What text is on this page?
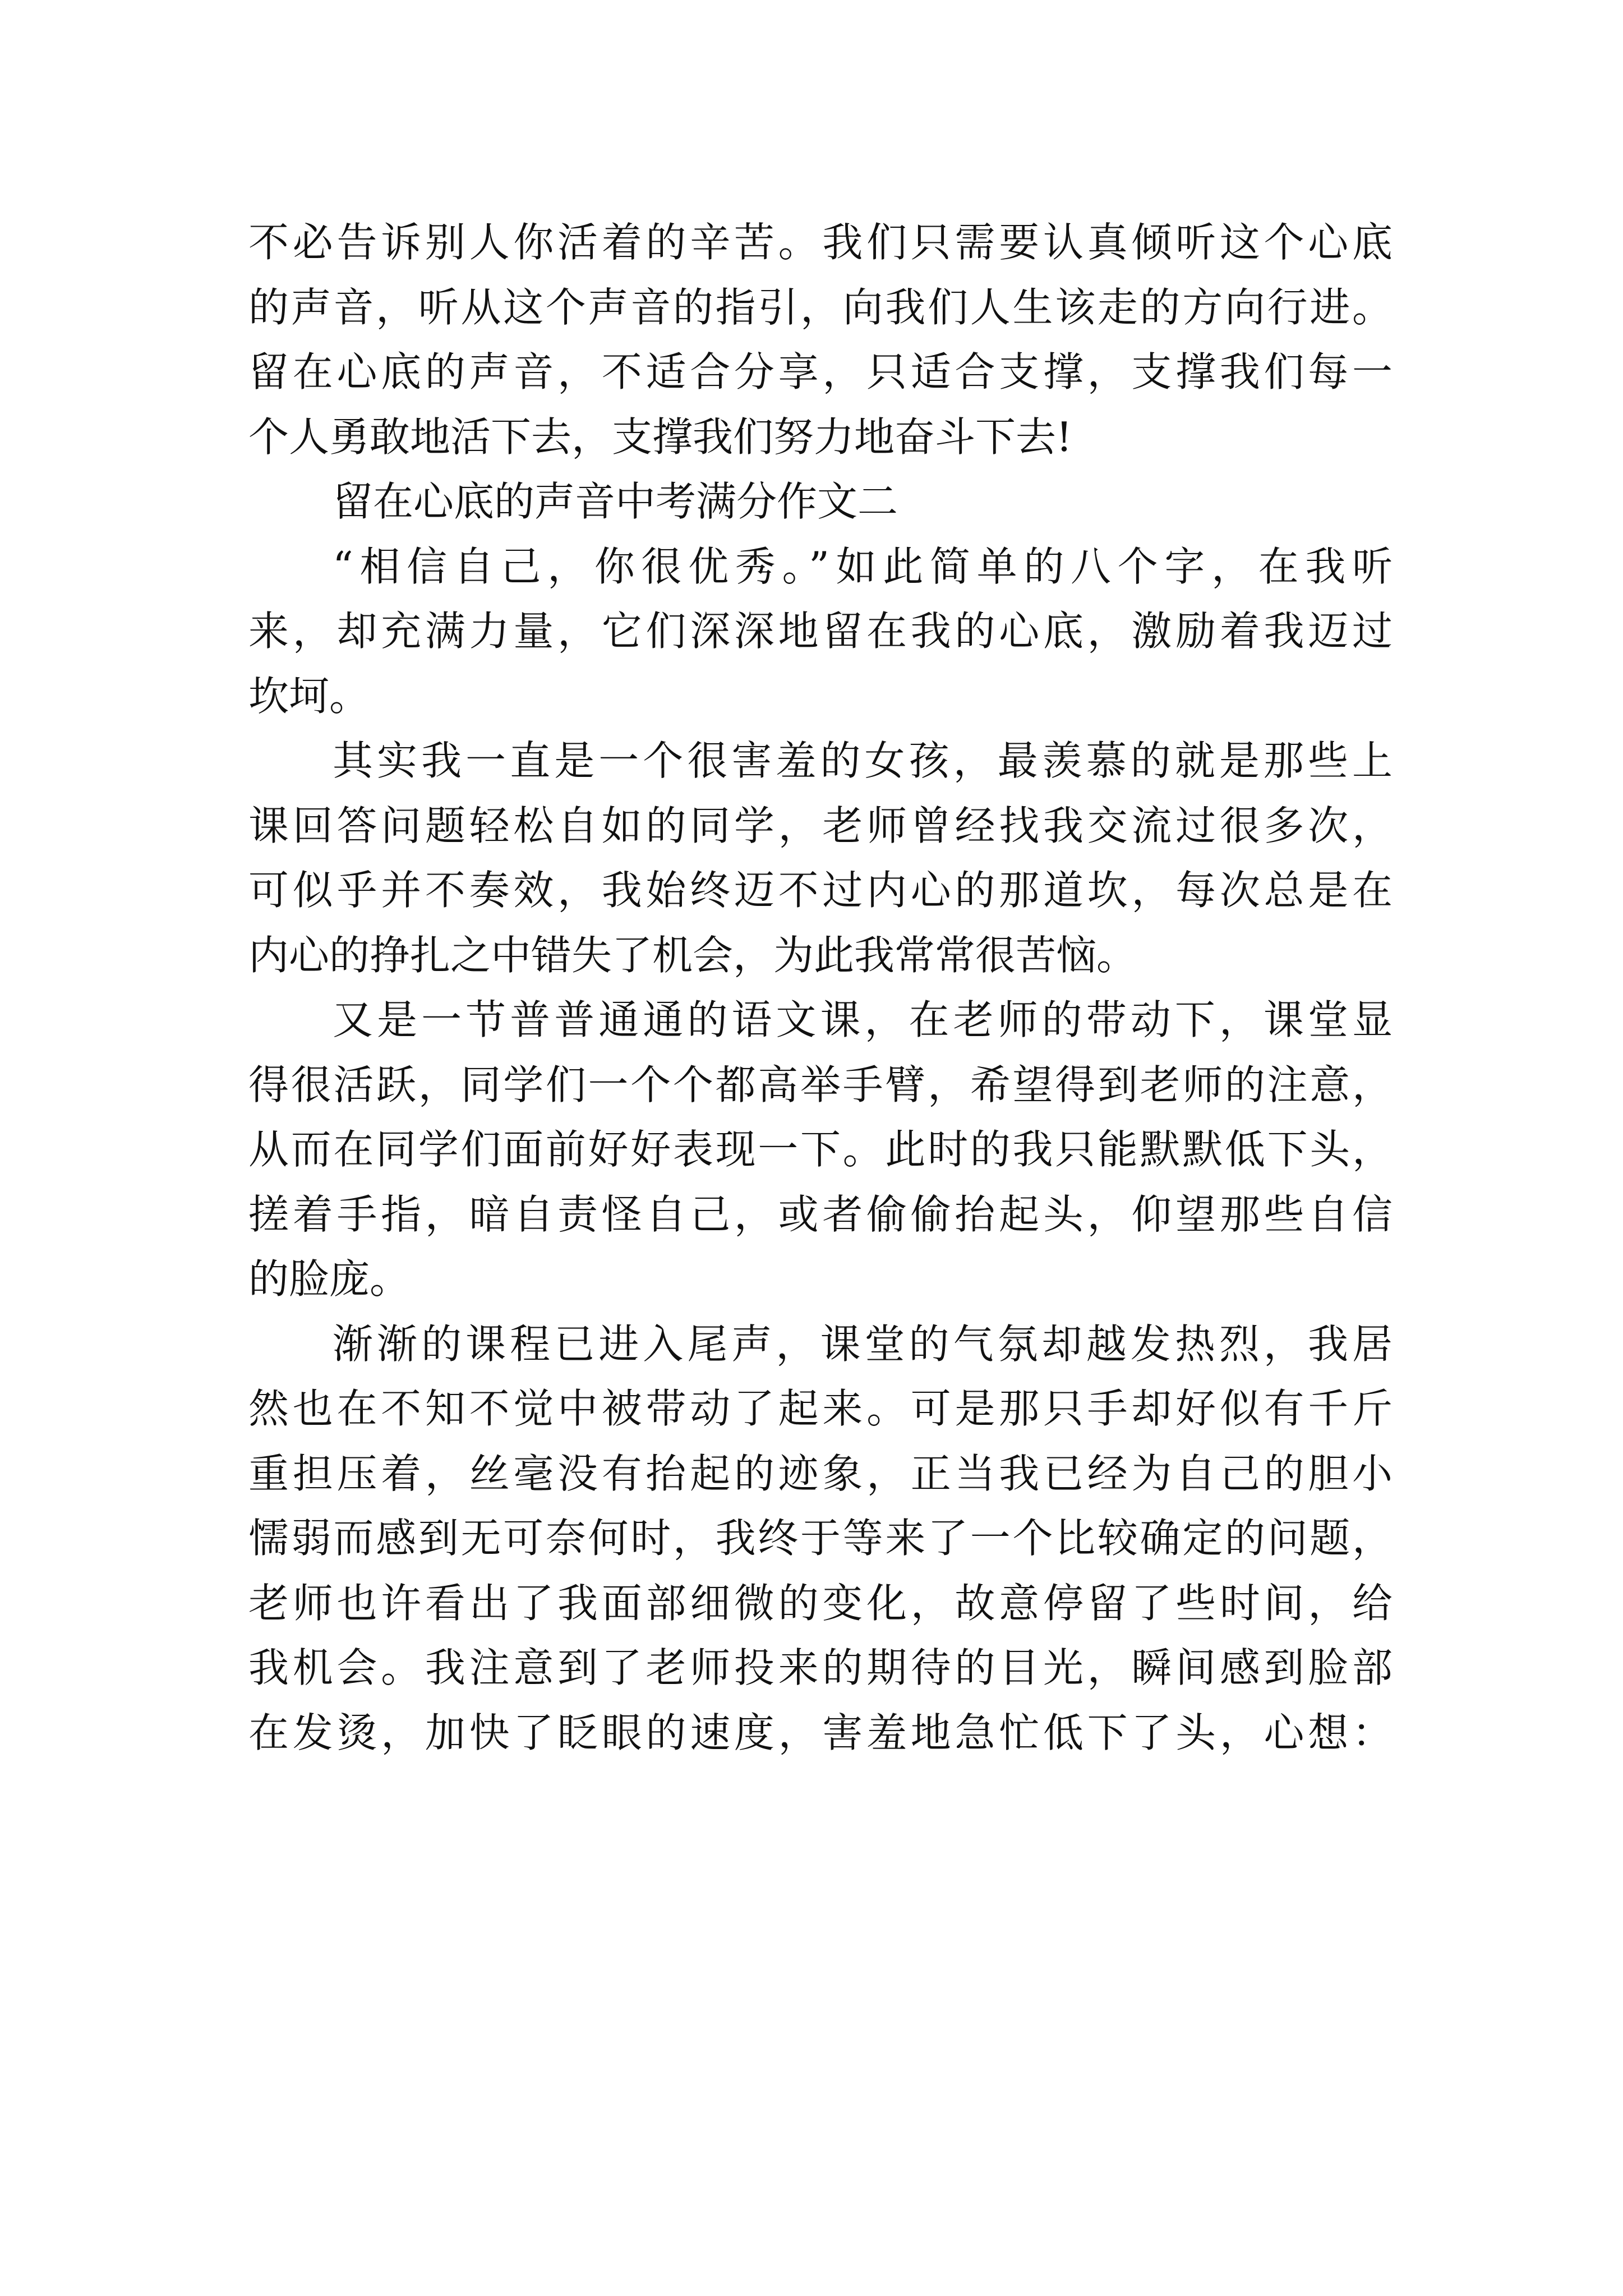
不必告诉别人你活着的辛苦。我们只需要认真倾听这个心底
的声音，听从这个声音的指引，向我们人生该走的方向行进。
留在心底的声音，不适合分享，只适合支撑，支撑我们每一
个人勇敢地活下去，支撑我们努力地奋斗下去!
留在心底的声音中考满分作文二
“相信自己，你很优秀。”如此简单的八个字，在我听
来，却充满力量，它们深深地留在我的心底，激励着我迈过
坎坷。
其实我一直是一个很害羞的女孩，最羡慕的就是那些上
课回答问题轻松自如的同学，老师曾经找我交流过很多次，
可似乎并不奏效，我始终迈不过内心的那道坎，每次总是在
内心的挣扎之中错失了机会，为此我常常很苦恼。
又是一节普普通通的语文课，在老师的带动下，课堂显
得很活跃，同学们一个个都高举手臂，希望得到老师的注意，
从而在同学们面前好好表现一下。此时的我只能默默低下头，
搓着手指，暗自责怪自己，或者偷偷抬起头，仰望那些自信
的脸庞。
渐渐的课程已进入尾声，课堂的气氛却越发热烈，我居
然也在不知不觉中被带动了起来。可是那只手却好似有千斤
重担压着，丝毫没有抬起的迹象，正当我已经为自己的胆小
懦弱而感到无可奈何时，我终于等来了一个比较确定的问题，
老师也许看出了我面部细微的变化，故意停留了些时间，给
我机会。我注意到了老师投来的期待的目光，瞬间感到脸部
在发烫，加快了眨眼的速度，害羞地急忙低下了头，心想：
